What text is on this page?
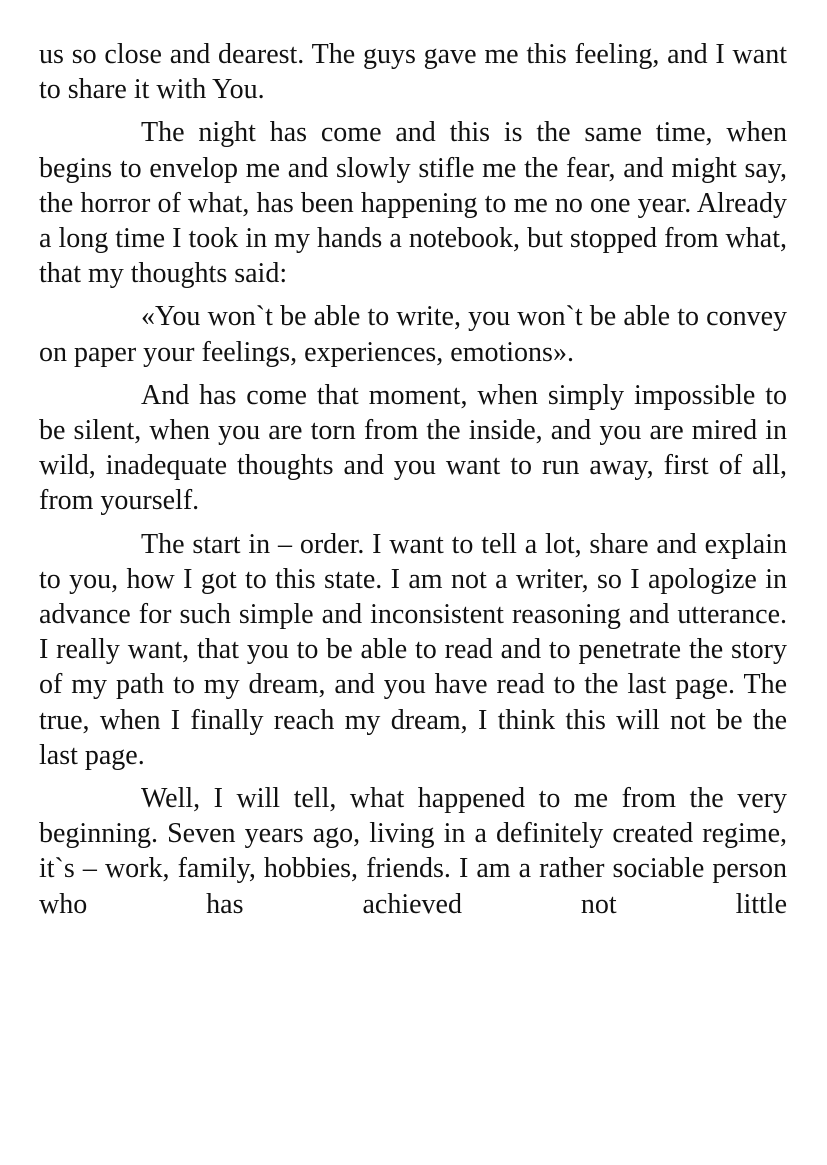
us so close and dearest. The guys gave me this feeling, and I want to share it with You.

The night has come and this is the same time, when begins to envelop me and slowly stifle me the fear, and might say, the horror of what, has been happening to me no one year. Already a long time I took in my hands a notebook, but stopped from what, that my thoughts said:

«You won`t be able to write, you won`t be able to convey on paper your feelings, experiences, emotions».

And has come that moment, when simply impossible to be silent, when you are torn from the inside, and you are mired in wild, inadequate thoughts and you want to run away, first of all, from yourself.

The start in – order. I want to tell a lot, share and explain to you, how I got to this state. I am not a writer, so I apologize in advance for such simple and inconsistent reasoning and utterance. I really want, that you to be able to read and to penetrate the story of my path to my dream, and you have read to the last page. The true, when I finally reach my dream, I think this will not be the last page.

Well, I will tell, what happened to me from the very beginning. Seven years ago, living in a definitely created regime, it`s – work, family, hobbies, friends. I am a rather sociable person who has achieved not little
